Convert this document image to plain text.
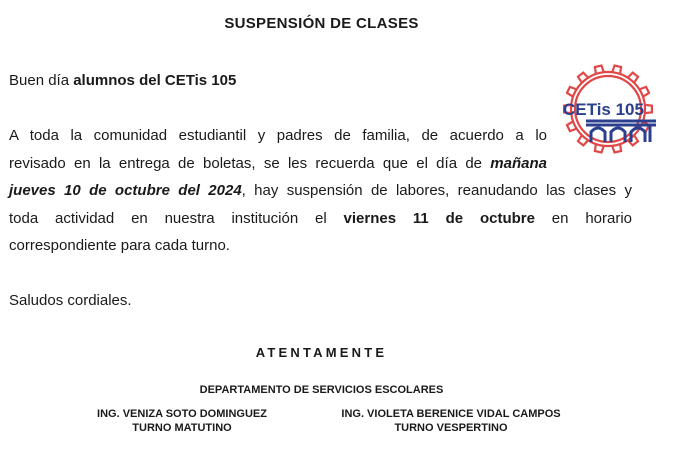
SUSPENSIÓN DE CLASES
Buen día alumnos del CETis 105
CETis 105
A toda la comunidad estudiantil y padres de familia, de acuerdo a lo
revisado en la entrega de boletas, se les recuerda que el día de mañana
jueves 10 de octubre del 2024, hay suspensión de labores, reanudando las clases y
toda actividad en nuestra institución el viernes 11 de octubre en horario
correspondiente para cada turno.
Saludos cordiales.
ATENTAMENTE
DEPARTAMENTO DE SERVICIOS ESCOLARES
ING. VENIZA SOTO DOMINGUEZ
TURNO MATUTINO
ING. VIOLETA BERENICE VIDAL CAMPOS
TURNO VESPERTINO
